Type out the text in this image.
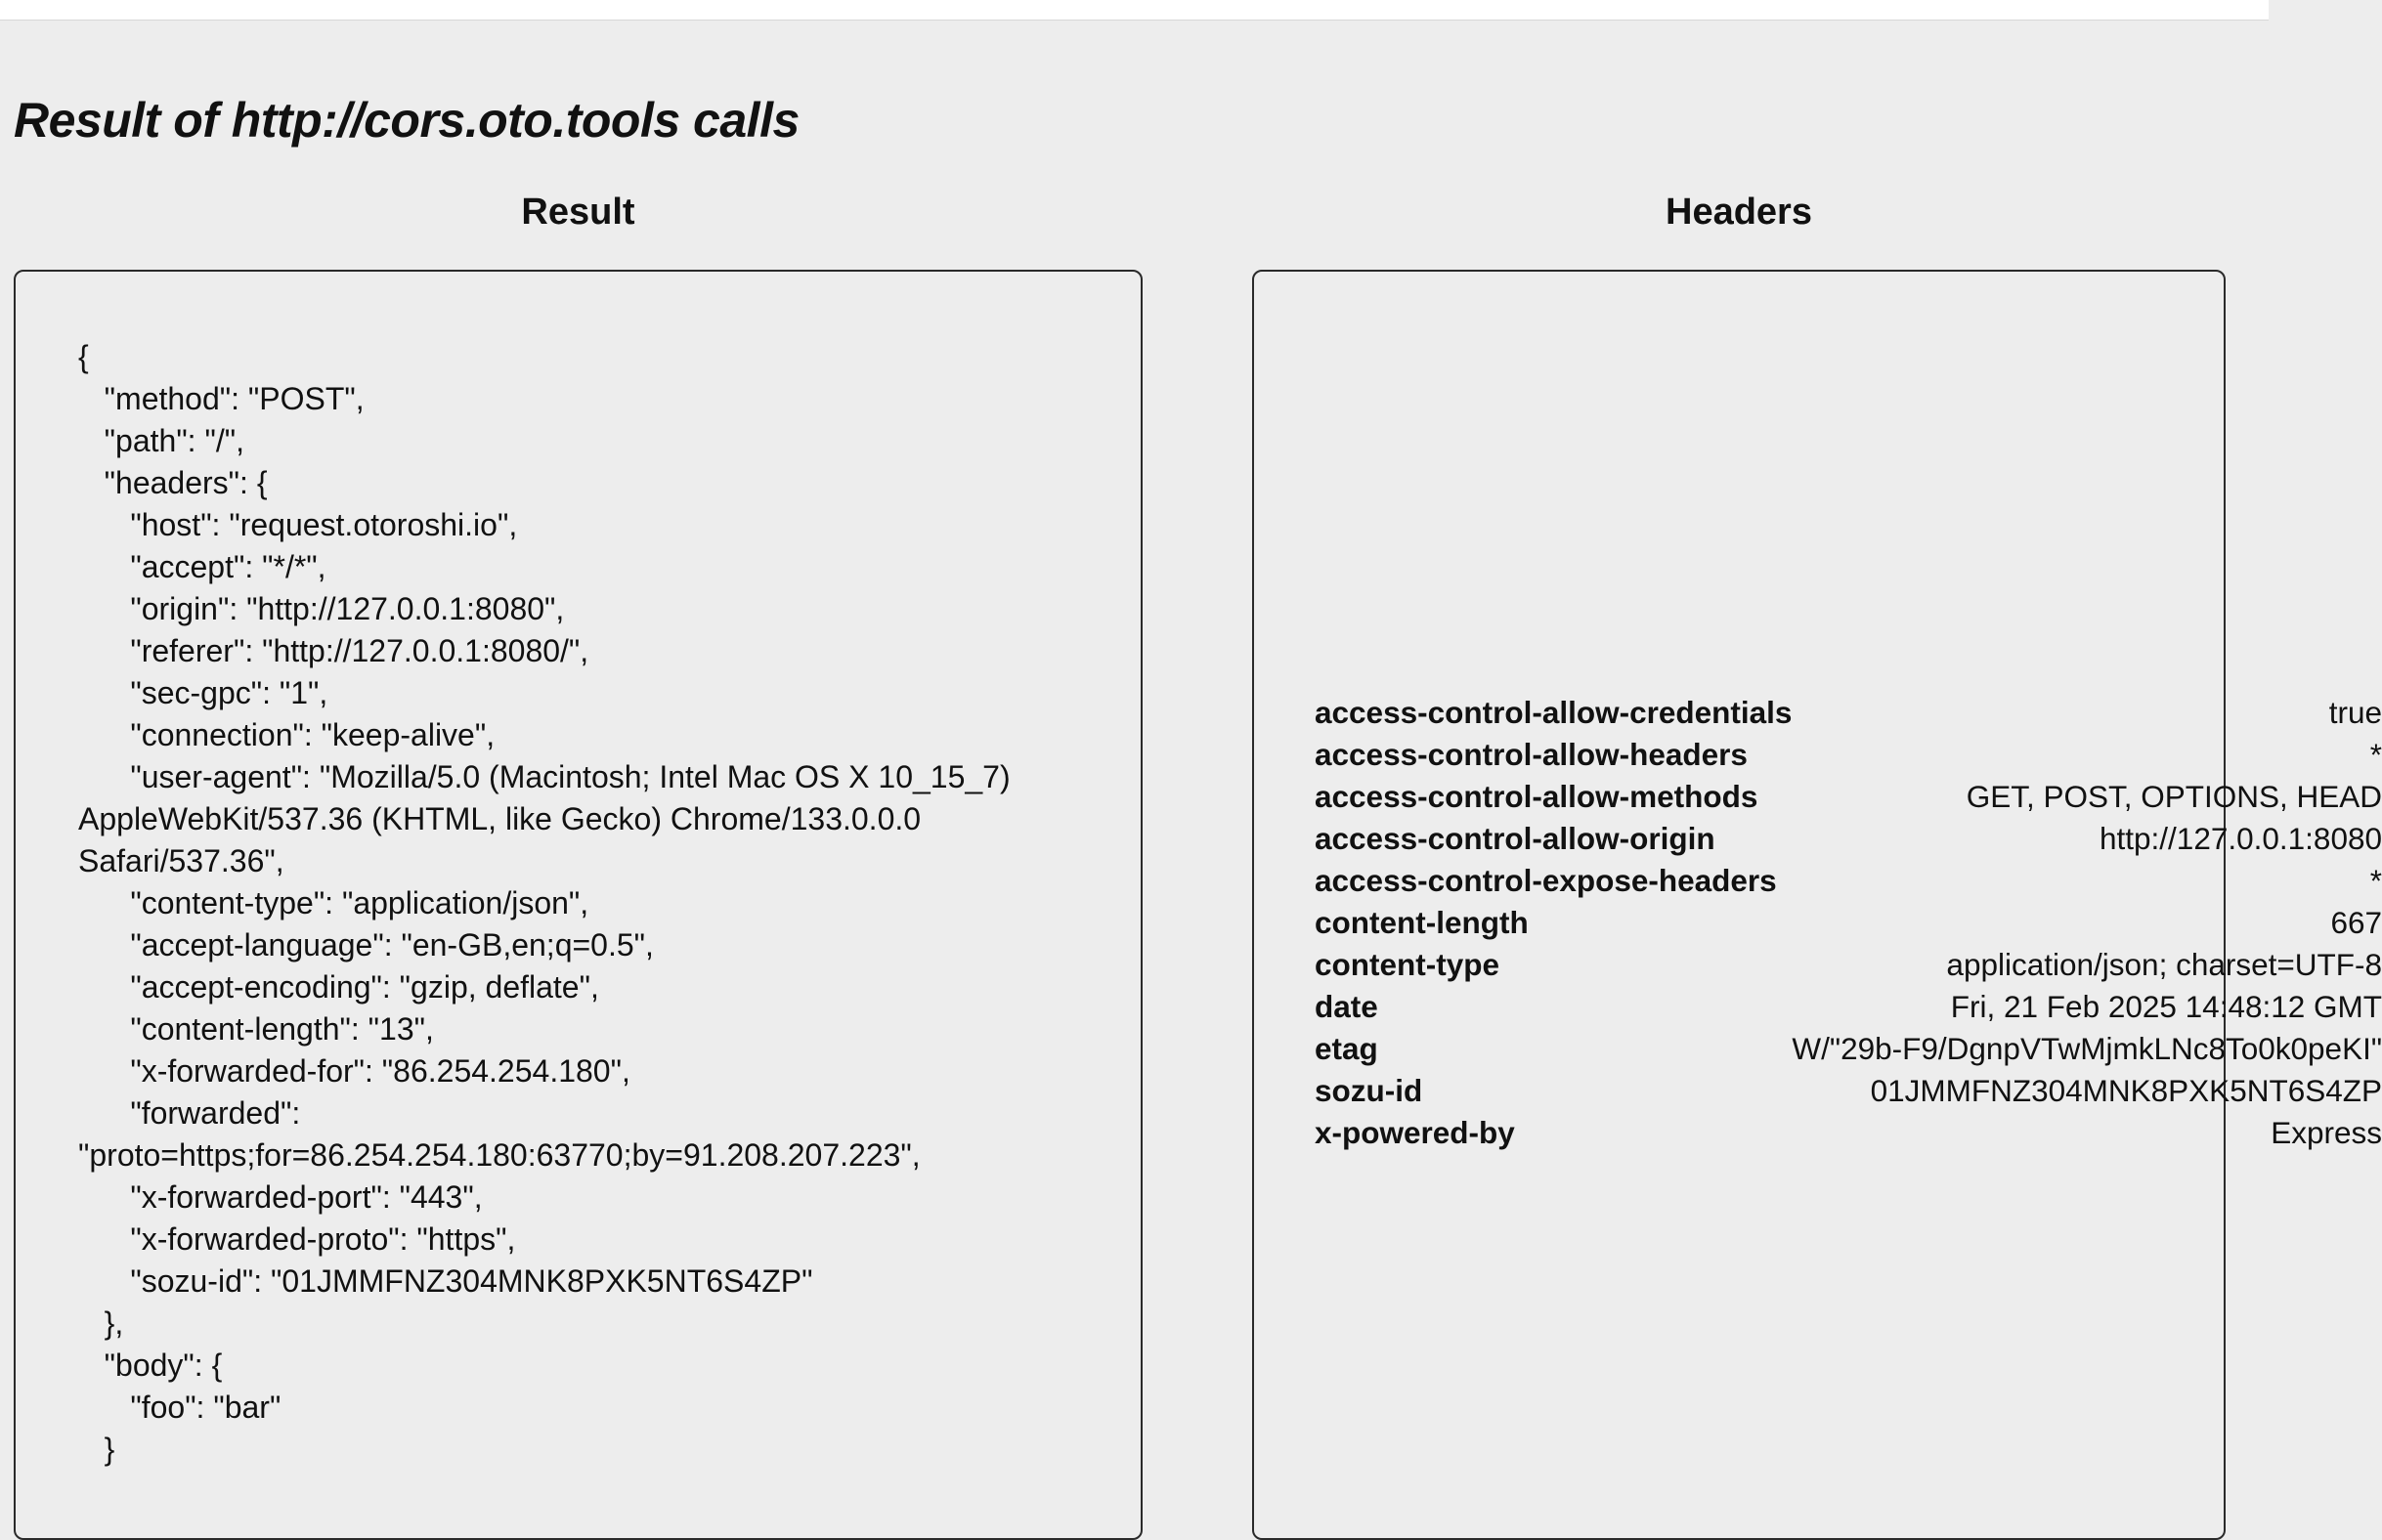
Result of http://cors.oto.tools calls
Result	Headers
{
"method": "POST",
"path": "/",
"headers": {
"host": "request.otoroshi.io",
"accept": "*/*",
"origin": "http://127.0.0.1:8080",
"referer": "http://127.0.0.1:8080/",
"sec-gpc": "1",
"connection": "keep-alive",
"user-agent": "Mozilla/5.0 (Macintosh; Intel Mac OS X 10_15_7)
AppleWebKit/537.36 (KHTML, like Gecko) Chrome/133.0.0.0
Safari/537.36",
"content-type": "application/json",
"accept-language": "en-GB,en;q=0.5",
"accept-encoding": "gzip, deflate",
"content-length": "13",
"x-forwarded-for": "86.254.254.180",
"forwarded":
"proto=https;for=86.254.254.180:63770;by=91.208.207.223",
"x-forwarded-port": "443",
"x-forwarded-proto": "https",
"sozu-id": "01JMMFNZ304MNK8PXK5NT6S4ZP"
},
"body": {
"foo": "bar"
}
access-control-allow-credentials	true
access-control-allow-headers	*
access-control-allow-methods	GET, POST, OPTIONS, HEAD
access-control-allow-origin	http://127.0.0.1:8080
access-control-expose-headers	*
content-length	667
content-type	application/json; charset=UTF-8
date	Fri, 21 Feb 2025 14:48:12 GMT
etag	W/"29b-F9/DgnpVTwMjmkLNc8To0k0peKI"
sozu-id	01JMMFNZ304MNK8PXK5NT6S4ZP
x-powered-by	Express
